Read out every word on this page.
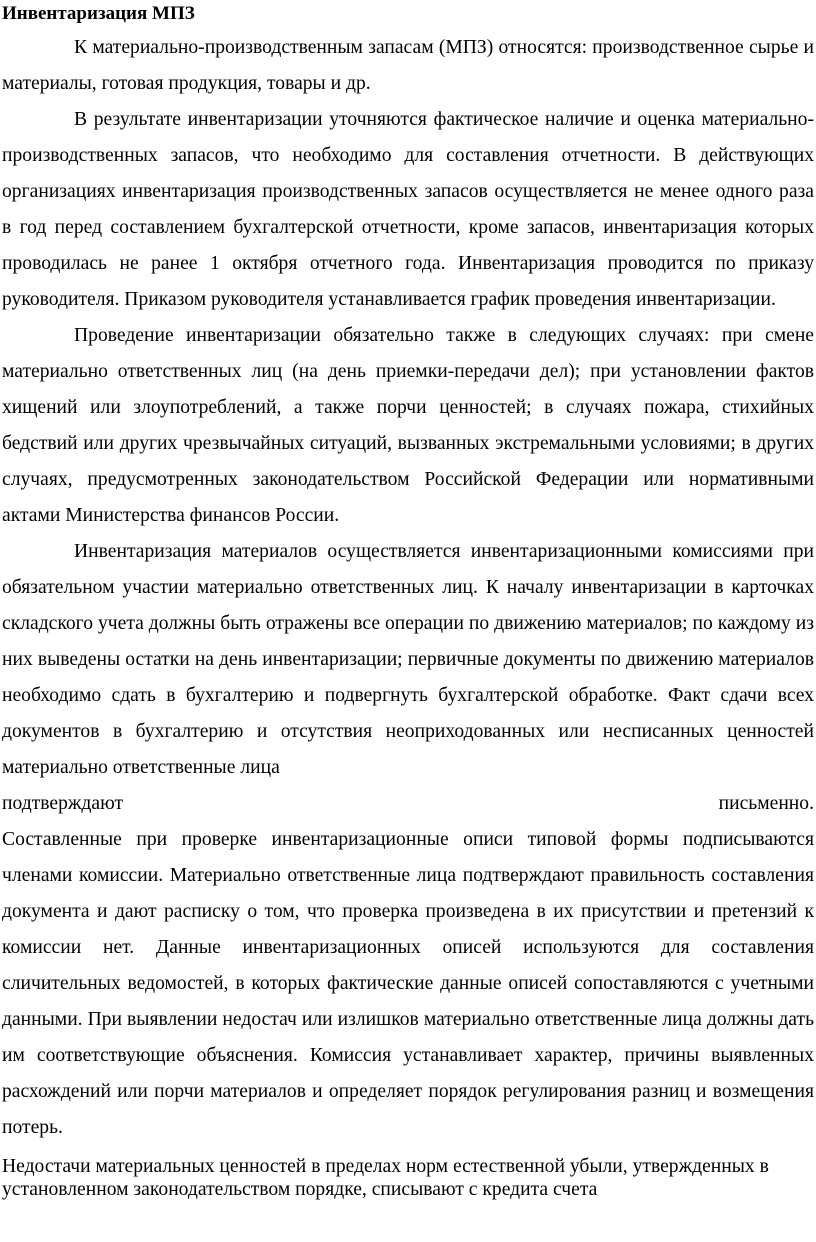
Инвентаризация МПЗ

К материально-производственным запасам (МПЗ) относятся: производственное сырье и материалы, готовая продукция, товары и др.

В результате инвентаризации уточняются фактическое наличие и оценка материально-производственных запасов, что необходимо для составления отчетности. В действующих организациях инвентаризация производственных запасов осуществляется не менее одного раза в год перед составлением бухгалтерской отчетности, кроме запасов, инвентаризация которых проводилась не ранее 1 октября отчетного года. Инвентаризация проводится по приказу руководителя. Приказом руководителя устанавливается график проведения инвентаризации.

Проведение инвентаризации обязательно также в следующих случаях: при смене материально ответственных лиц (на день приемки-передачи дел); при установлении фактов хищений или злоупотреблений, а также порчи ценностей; в случаях пожара, стихийных бедствий или других чрезвычайных ситуаций, вызванных экстремальными условиями; в других случаях, предусмотренных законодательством Российской Федерации или нормативными актами Министерства финансов России.

Инвентаризация материалов осуществляется инвентаризационными комиссиями при обязательном участии материально ответственных лиц. К началу инвентаризации в карточках складского учета должны быть отражены все операции по движению материалов; по каждому из них выведены остатки на день инвентаризации; первичные документы по движению материалов необходимо сдать в бухгалтерию и подвергнуть бухгалтерской обработке. Факт сдачи всех документов в бухгалтерию и отсутствия неоприходованных или несписанных ценностей материально ответственные лица

подтверждают	письменно.

Составленные при проверке инвентаризационные описи типовой формы подписываются членами комиссии. Материально ответственные лица подтверждают правильность составления документа и дают расписку о том, что проверка произведена в их присутствии и претензий к комиссии нет. Данные инвентаризационных описей используются для составления сличительных ведомостей, в которых фактические данные описей сопоставляются с учетными данными. При выявлении недостач или излишков материально ответственные лица должны дать им соответствующие объяснения. Комиссия устанавливает характер, причины выявленных расхождений или порчи материалов и определяет порядок регулирования разниц и возмещения потерь.

Недостачи материальных ценностей в пределах норм естественной убыли, утвержденных в установленном законодательством порядке, списывают с кредита счета
